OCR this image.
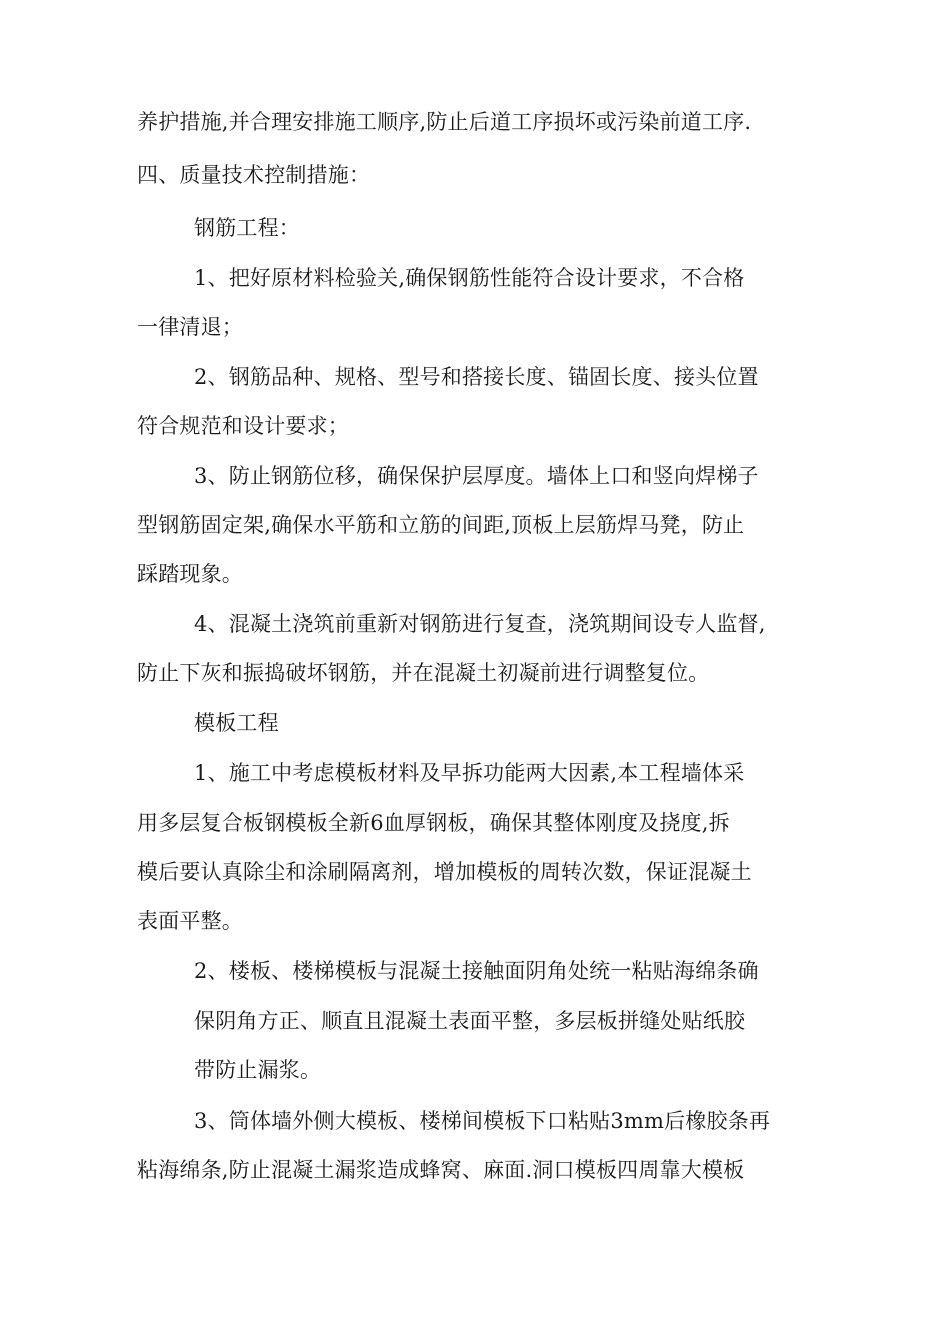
养护措施,并合理安排施工顺序,防止后道工序损坏或污染前道工序.
四、质量技术控制措施：
钢筋工程：
1、把好原材料检验关,确保钢筋性能符合设计要求，不合格
一律清退；
2、钢筋品种、规格、型号和搭接长度、锚固长度、接头位置
符合规范和设计要求；
3、防止钢筋位移，确保保护层厚度。墙体上口和竖向焊梯子
型钢筋固定架,确保水平筋和立筋的间距,顶板上层筋焊马凳，防止
踩踏现象。
4、混凝土浇筑前重新对钢筋进行复查，浇筑期间设专人监督,
防止下灰和振捣破坏钢筋，并在混凝土初凝前进行调整复位。
模板工程
1、施工中考虑模板材料及早拆功能两大因素,本工程墙体采
用多层复合板钢模板全新6血厚钢板，确保其整体刚度及挠度,拆
模后要认真除尘和涂刷隔离剂，增加模板的周转次数，保证混凝土
表面平整。
2、楼板、楼梯模板与混凝土接触面阴角处统一粘贴海绵条确
保阴角方正、顺直且混凝土表面平整，多层板拼缝处贴纸胶
带防止漏浆。
3、筒体墙外侧大模板、楼梯间模板下口粘贴3mm后橡胶条再
粘海绵条,防止混凝土漏浆造成蜂窝、麻面.洞口模板四周靠大模板
